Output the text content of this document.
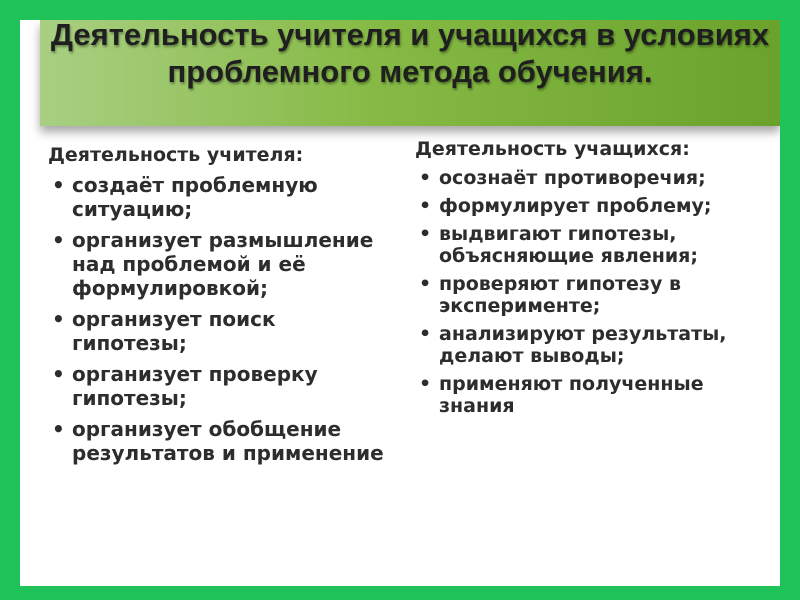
Деятельность учителя и учащихся в условиях проблемного метода обучения.
Деятельность учителя:
• создаёт проблемную ситуацию;
• организует размышление над проблемой и её формулировкой;
• организует поиск гипотезы;
• организует проверку гипотезы;
• организует обобщение результатов и применение
Деятельность учащихся:
• осознаёт противоречия;
• формулирует проблему;
• выдвигают гипотезы, объясняющие явления;
• проверяют гипотезу в эксперименте;
• анализируют результаты, делают выводы;
• применяют полученные знания
